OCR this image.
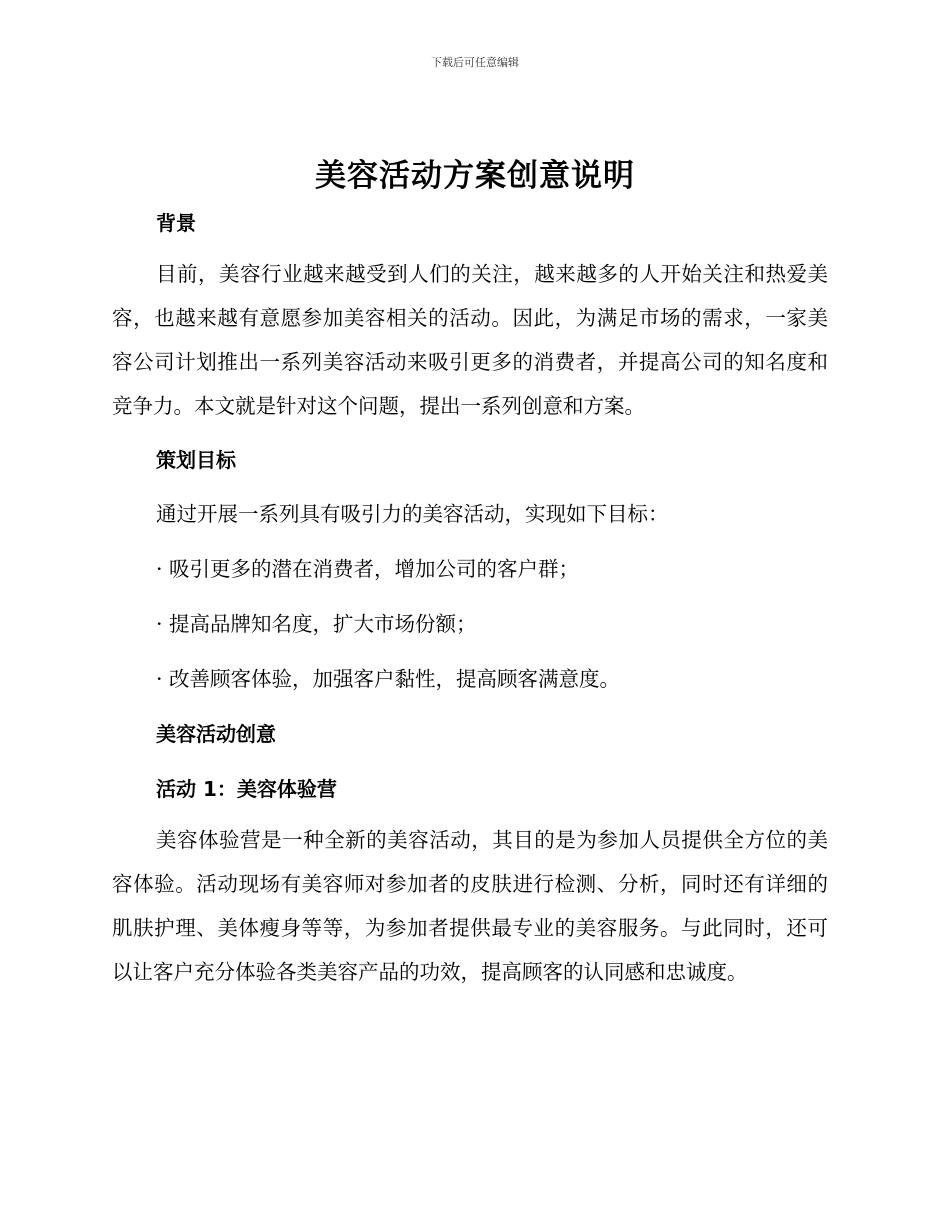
下载后可任意编辑
美容活动方案创意说明
背景

目前，美容行业越来越受到人们的关注，越来越多的人开始关注和热爱美容，也越来越有意愿参加美容相关的活动。因此，为满足市场的需求，一家美容公司计划推出一系列美容活动来吸引更多的消费者，并提高公司的知名度和竞争力。本文就是针对这个问题，提出一系列创意和方案。

策划目标
通过开展一系列具有吸引力的美容活动，实现如下目标：
· 吸引更多的潜在消费者，增加公司的客户群；
· 提高品牌知名度，扩大市场份额；
· 改善顾客体验，加强客户黏性，提高顾客满意度。
美容活动创意
活动 1：美容体验营

美容体验营是一种全新的美容活动，其目的是为参加人员提供全方位的美容体验。活动现场有美容师对参加者的皮肤进行检测、分析，同时还有详细的肌肤护理、美体瘦身等等，为参加者提供最专业的美容服务。与此同时，还可以让客户充分体验各类美容产品的功效，提高顾客的认同感和忠诚度。
